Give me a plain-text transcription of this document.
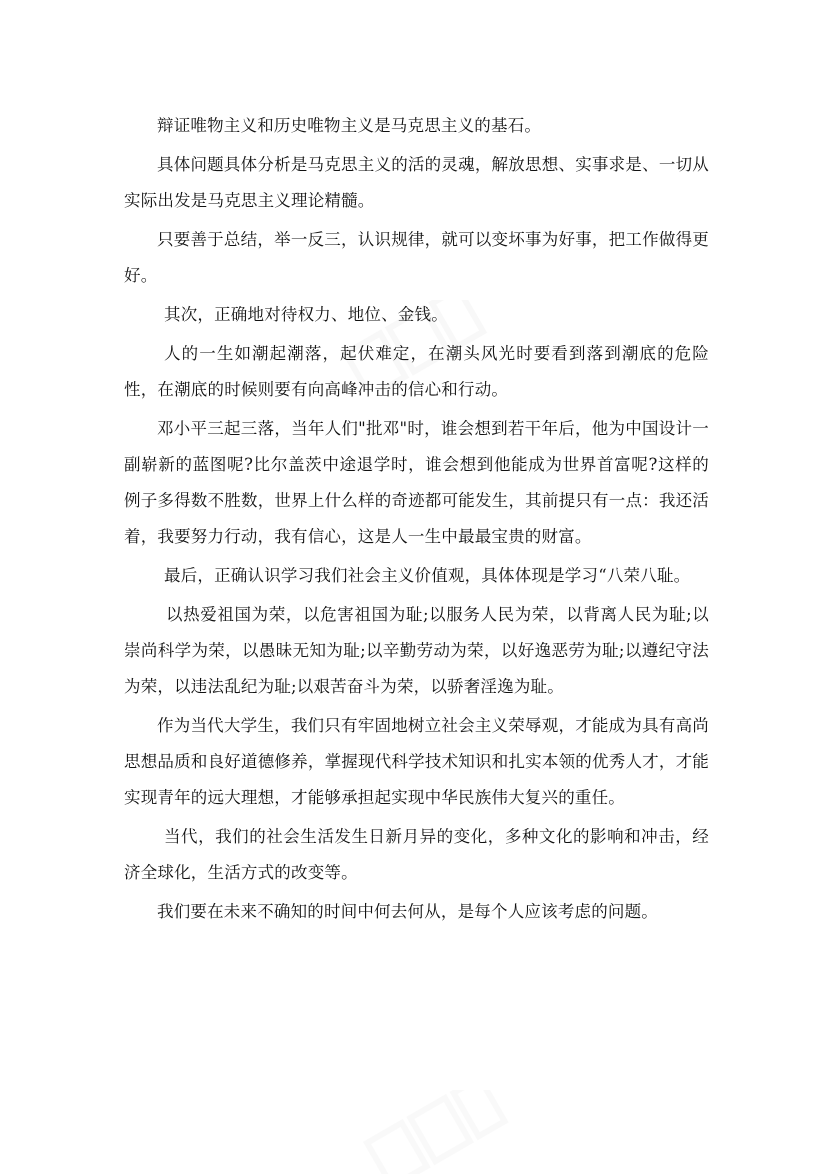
辩证唯物主义和历史唯物主义是马克思主义的基石。

具体问题具体分析是马克思主义的活的灵魂，解放思想、实事求是、一切从实际出发是马克思主义理论精髓。

只要善于总结，举一反三，认识规律，就可以变坏事为好事，把工作做得更好。

其次，正确地对待权力、地位、金钱。

人的一生如潮起潮落，起伏难定，在潮头风光时要看到落到潮底的危险性，在潮底的时候则要有向高峰冲击的信心和行动。

邓小平三起三落，当年人们"批邓"时，谁会想到若干年后，他为中国设计一副崭新的蓝图呢?比尔盖茨中途退学时，谁会想到他能成为世界首富呢?这样的例子多得数不胜数，世界上什么样的奇迹都可能发生，其前提只有一点：我还活着，我要努力行动，我有信心，这是人一生中最最宝贵的财富。

最后，正确认识学习我们社会主义价值观，具体体现是学习“八荣八耻。

以热爱祖国为荣，以危害祖国为耻;以服务人民为荣，以背离人民为耻;以崇尚科学为荣，以愚昧无知为耻;以辛勤劳动为荣，以好逸恶劳为耻;以遵纪守法为荣，以违法乱纪为耻;以艰苦奋斗为荣，以骄奢淫逸为耻。

作为当代大学生，我们只有牢固地树立社会主义荣辱观，才能成为具有高尚思想品质和良好道德修养，掌握现代科学技术知识和扎实本领的优秀人才，才能实现青年的远大理想，才能够承担起实现中华民族伟大复兴的重任。

当代，我们的社会生活发生日新月异的变化，多种文化的影响和冲击，经济全球化，生活方式的改变等。

我们要在未来不确知的时间中何去何从，是每个人应该考虑的问题。
